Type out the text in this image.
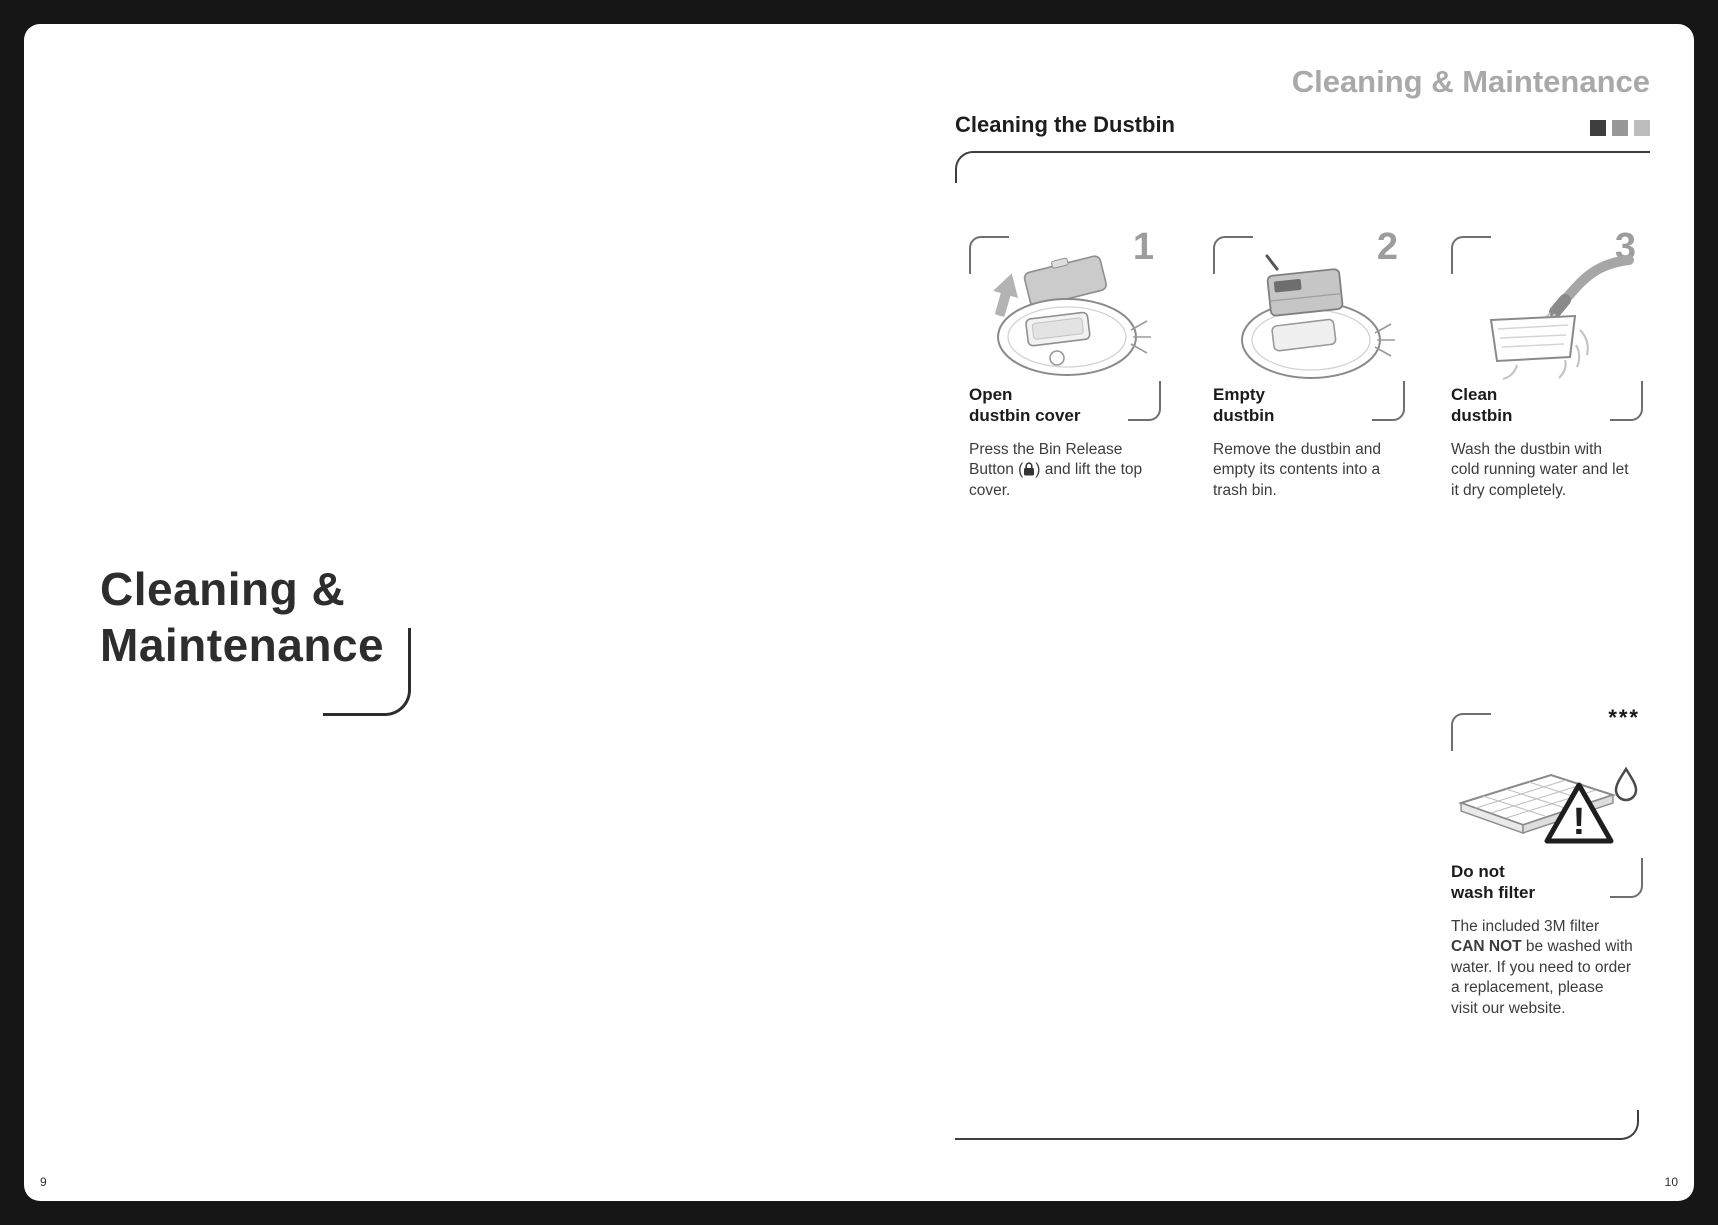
Cleaning &
Maintenance
Cleaning & Maintenance
Cleaning the Dustbin
1
Open
dustbin cover

Press the Bin Release Button ( ) and lift the top cover.

2
Empty
dustbin

Remove the dustbin and empty its contents into a trash bin.

3
Clean
dustbin

Wash the dustbin with cold running water and let it dry completely.

***
!
Do not
wash filter

The included 3M filter CAN NOT be washed with water. If you need to order a replacement, please visit our website.

9	10
